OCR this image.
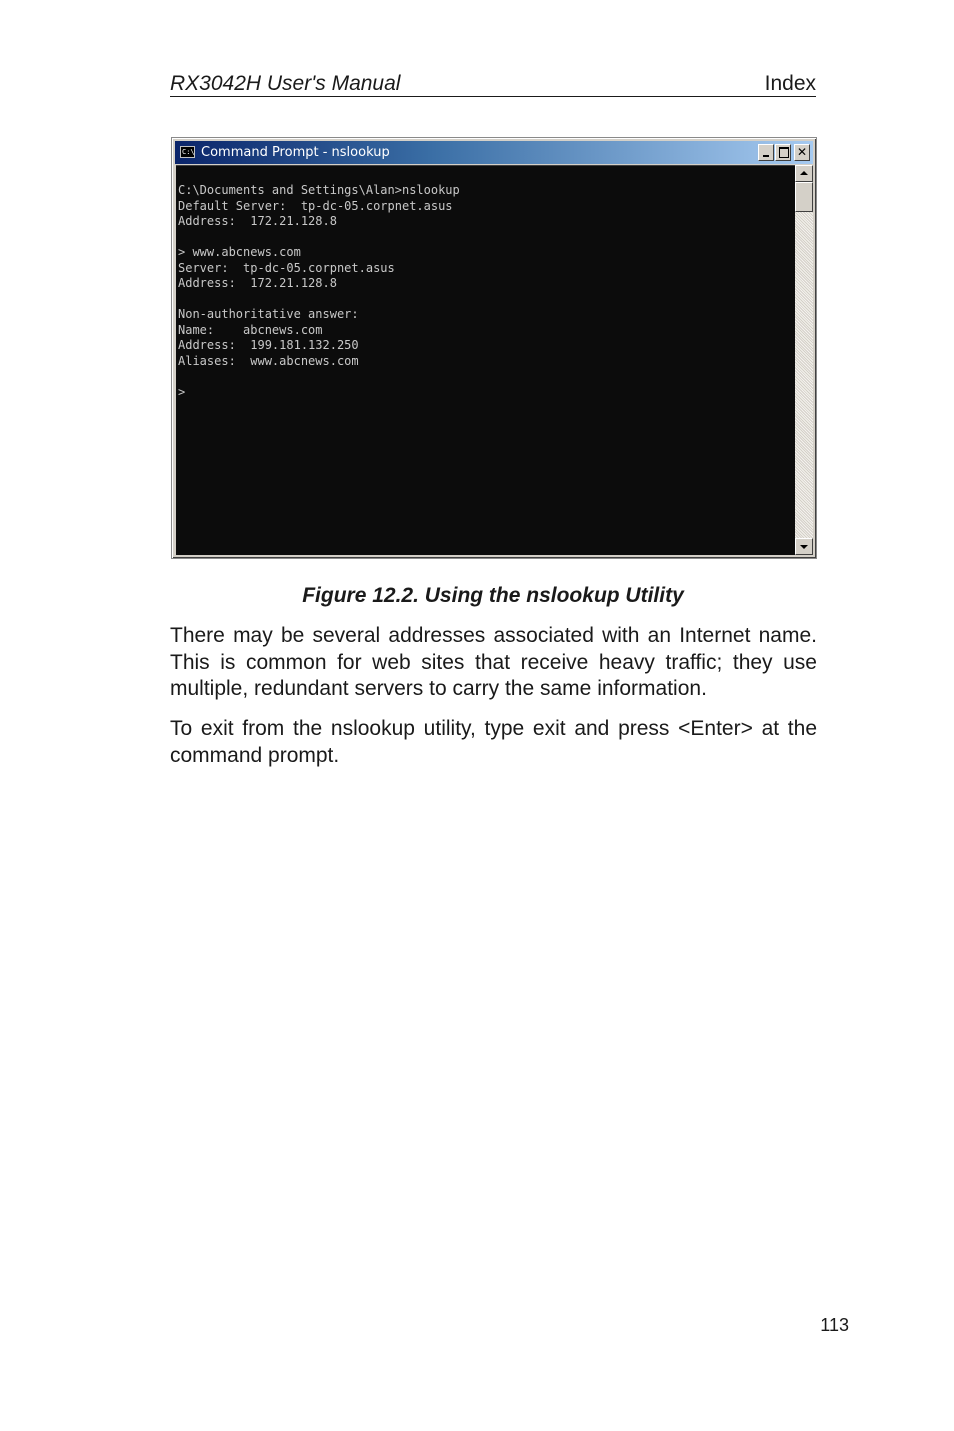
RX3042H User's Manual	Index
C:\ Command Prompt - nslookup	✕
C:\Documents and Settings\Alan>nslookup
Default Server:  tp-dc-05.corpnet.asus
Address:  172.21.128.8

> www.abcnews.com
Server:  tp-dc-05.corpnet.asus
Address:  172.21.128.8

Non-authoritative answer:
Name:    abcnews.com
Address:  199.181.132.250
Aliases:  www.abcnews.com

>
Figure 12.2. Using the nslookup Utility

There may be several addresses associated with an Internet name. This is common for web sites that receive heavy traffic; they use multiple, redundant servers to carry the same information.

To exit from the nslookup utility, type exit and press <Enter> at the command prompt.

113
